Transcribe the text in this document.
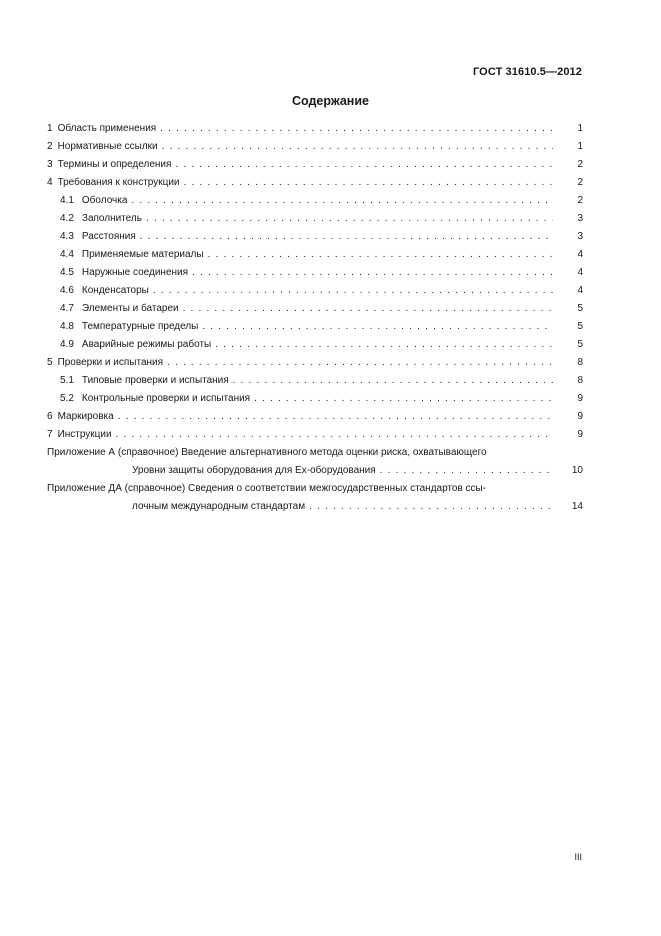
ГОСТ 31610.5—2012
Содержание
1 Область применения . . .	1
2 Нормативные ссылки . . .	1
3 Термины и определения . . .	2
4 Требования к конструкции . . .	2
4.1 Оболочка . . .	2
4.2 Заполнитель . . .	3
4.3 Расстояния . . .	3
4.4 Применяемые материалы . . .	4
4.5 Наружные соединения . . .	4
4.6 Конденсаторы . . .	4
4.7 Элементы и батареи . . .	5
4.8 Температурные пределы . . .	5
4.9 Аварийные режимы работы . . .	5
5 Проверки и испытания . . .	8
5.1 Типовые проверки и испытания . . .	8
5.2 Контрольные проверки и испытания . . .	9
6 Маркировка . . .	9
7 Инструкции . . .	9
Приложение А (справочное) Введение альтернативного метода оценки риска, охватывающего
Уровни защиты оборудования для Ex-оборудования . . .	10
Приложение ДА (справочное) Сведения о соответствии межгосударственных стандартов ссы-
лочным международным стандартам . . .	14
III
